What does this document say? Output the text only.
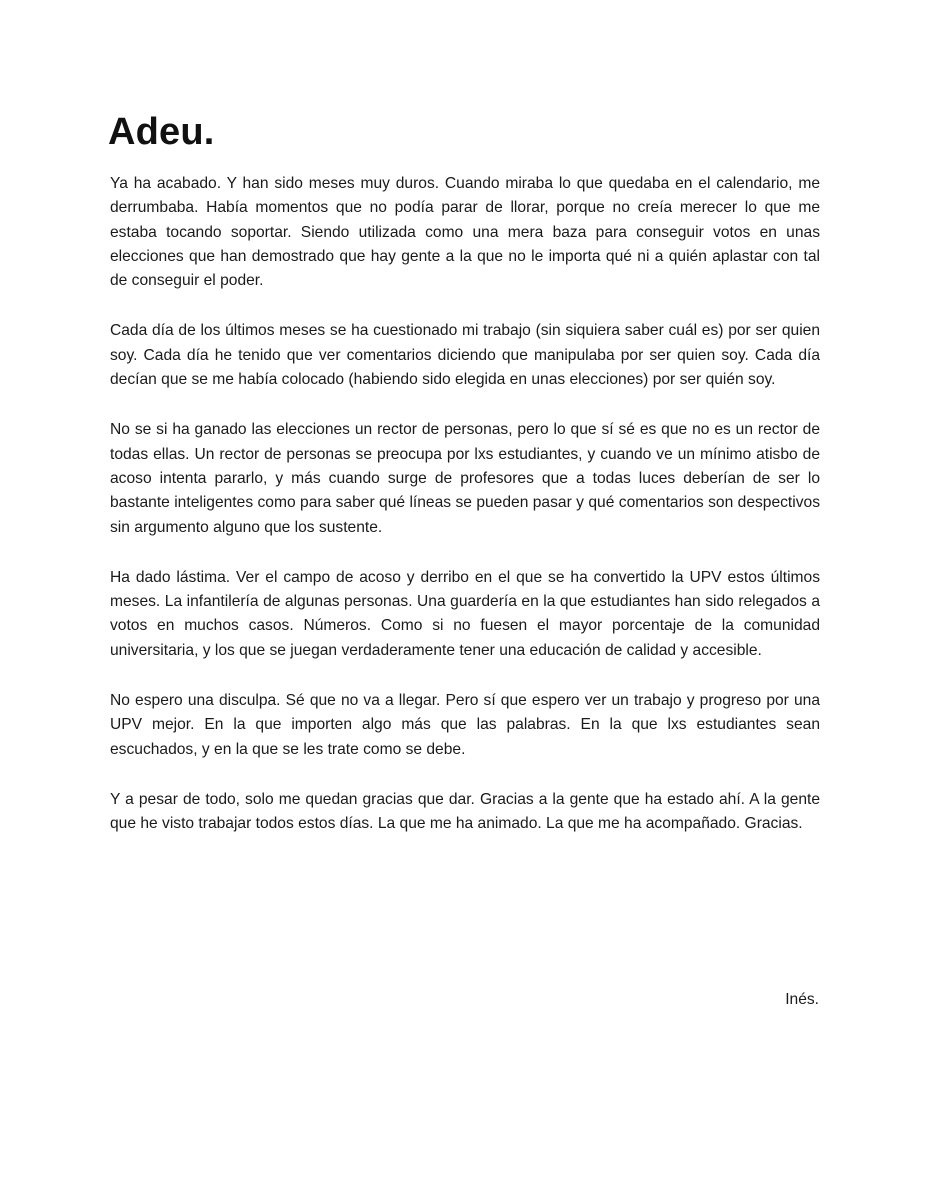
Adeu.

Ya ha acabado. Y han sido meses muy duros. Cuando miraba lo que quedaba en el calendario, me derrumbaba. Había momentos que no podía parar de llorar, porque no creía merecer lo que me estaba tocando soportar. Siendo utilizada como una mera baza para conseguir votos en unas elecciones que han demostrado que hay gente a la que no le importa qué ni a quién aplastar con tal de conseguir el poder.

Cada día de los últimos meses se ha cuestionado mi trabajo (sin siquiera saber cuál es) por ser quien soy. Cada día he tenido que ver comentarios diciendo que manipulaba por ser quien soy. Cada día decían que se me había colocado (habiendo sido elegida en unas elecciones) por ser quién soy.

No se si ha ganado las elecciones un rector de personas, pero lo que sí sé es que no es un rector de todas ellas. Un rector de personas se preocupa por lxs estudiantes, y cuando ve un mínimo atisbo de acoso intenta pararlo, y más cuando surge de profesores que a todas luces deberían de ser lo bastante inteligentes como para saber qué líneas se pueden pasar y qué comentarios son despectivos sin argumento alguno que los sustente.

Ha dado lástima. Ver el campo de acoso y derribo en el que se ha convertido la UPV estos últimos meses. La infantilería de algunas personas. Una guardería en la que estudiantes han sido relegados a votos en muchos casos. Números. Como si no fuesen el mayor porcentaje de la comunidad universitaria, y los que se juegan verdaderamente tener una educación de calidad y accesible.

No espero una disculpa. Sé que no va a llegar. Pero sí que espero ver un trabajo y progreso por una UPV mejor. En la que importen algo más que las palabras. En la que lxs estudiantes sean escuchados, y en la que se les trate como se debe.

Y a pesar de todo, solo me quedan gracias que dar. Gracias a la gente que ha estado ahí. A la gente que he visto trabajar todos estos días. La que me ha animado. La que me ha acompañado. Gracias.

Inés.
